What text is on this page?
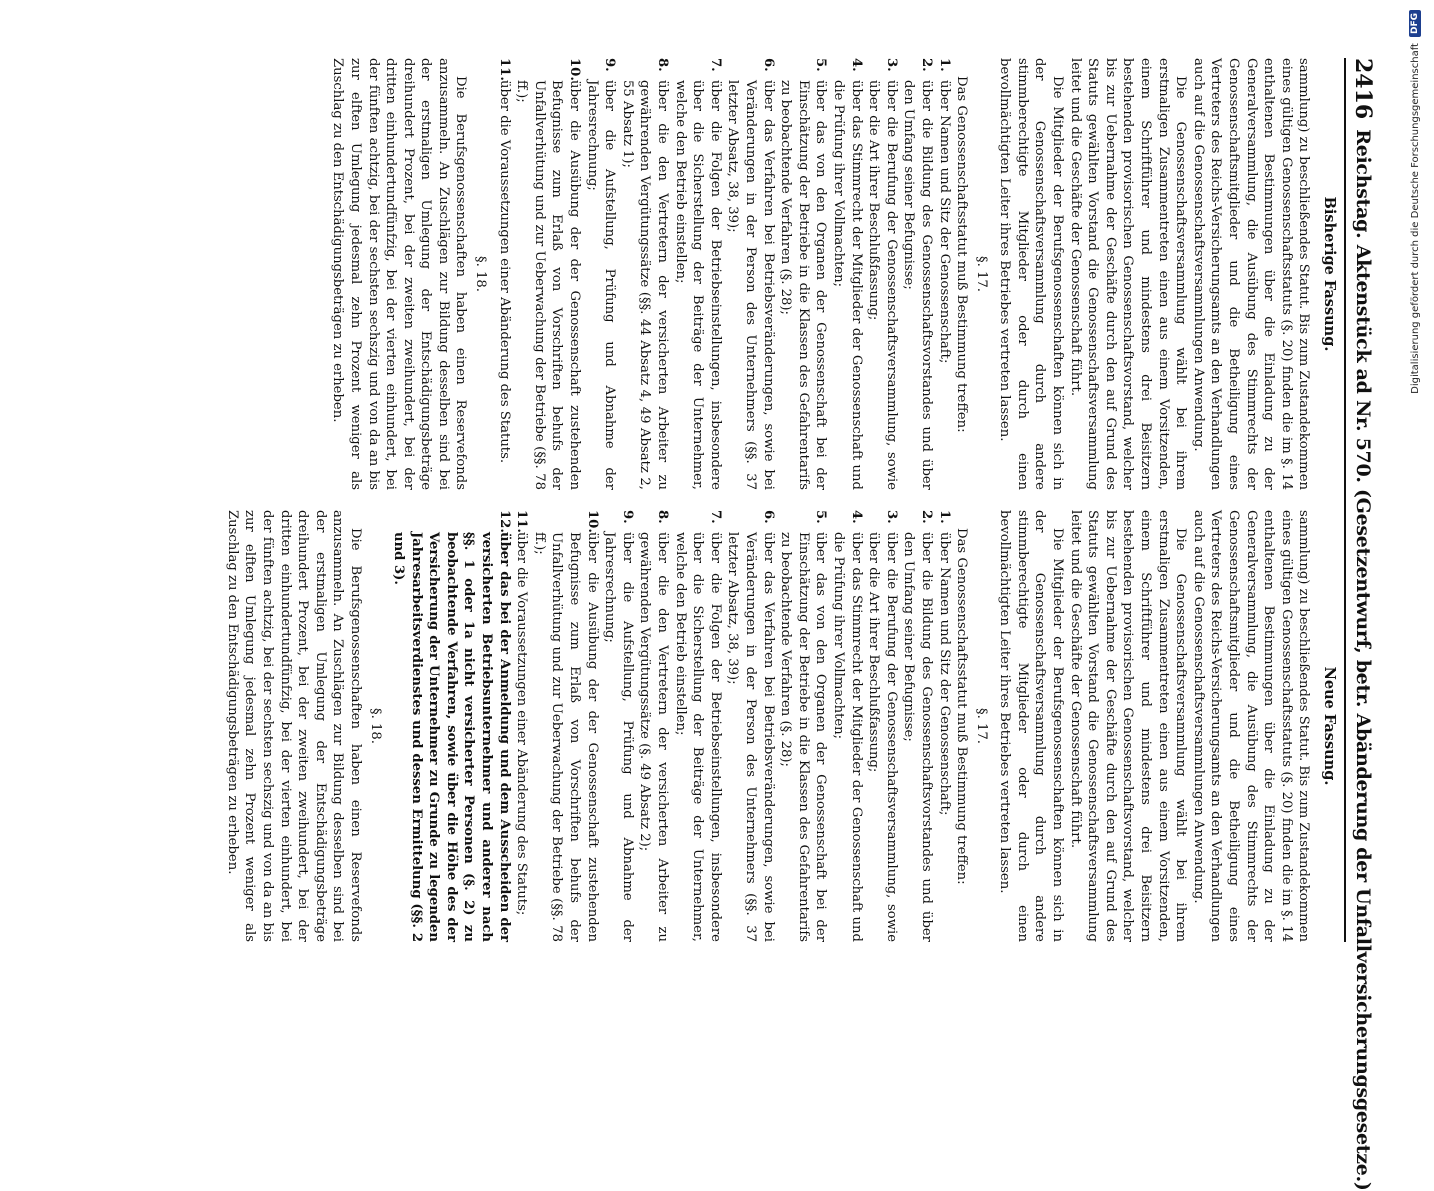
2416
Reichstag. Aktenstück ad Nr. 570. (Gesetzentwurf, betr. Abänderung der Unfallversicherungsgesetze.)
Bisherige Fassung.

sammlung) zu beschließendes Statut. Bis zum Zustandekommen eines gültigen Genossenschaftsstatuts (§. 20) finden die im §. 14 enthaltenen Bestimmungen über die Einladung zu der Generalversammlung, die Ausübung des Stimmrechts der Genossenschaftsmitglieder und die Betheiligung eines Vertreters des Reichs-Versicherungsamts an den Verhandlungen auch auf die Genossenschaftsversammlungen Anwendung.

Die Genossenschaftsversammlung wählt bei ihrem erstmaligen Zusammentreten einen aus einem Vorsitzenden, einem Schriftführer und mindestens drei Beisitzern bestehenden provisorischen Genossenschaftsvorstand, welcher bis zur Uebernahme der Geschäfte durch den auf Grund des Statuts gewählten Vorstand die Genossenschaftsversammlung leitet und die Geschäfte der Genossenschaft führt.

Die Mitglieder der Berufsgenossenschaften können sich in der Genossenschaftsversammlung durch andere stimmberechtigte Mitglieder oder durch einen bevollmächtigten Leiter ihres Betriebes vertreten lassen.

§. 17.

Das Genossenschaftsstatut muß Bestimmung treffen:

1.
über Namen und Sitz der Genossenschaft;
2.
über die Bildung des Genossenschaftsvorstandes und über den Umfang seiner Befugnisse;
3.
über die Berufung der Genossenschaftsversammlung, sowie über die Art ihrer Beschlußfassung;
4.
über das Stimmrecht der Mitglieder der Genossenschaft und die Prüfung ihrer Vollmachten;
5.
über das von den Organen der Genossenschaft bei der Einschätzung der Betriebe in die Klassen des Gefahrentarifs zu beobachtende Verfahren (§. 28);
6.
über das Verfahren bei Betriebsveränderungen, sowie bei Veränderungen in der Person des Unternehmers (§§. 37 letzter Absatz, 38, 39);
7.
über die Folgen der Betriebseinstellungen, insbesondere über die Sicherstellung der Beiträge der Unternehmer, welche den Betrieb einstellen;
8.
über die den Vertretern der versicherten Arbeiter zu gewährenden Vergütungssätze (§§. 44 Absatz 4, 49 Absatz 2, 55 Absatz 1);
9.
über die Aufstellung, Prüfung und Abnahme der Jahresrechnung;
10.
über die Ausübung der der Genossenschaft zustehenden Befugnisse zum Erlaß von Vorschriften behufs der Unfallverhütung und zur Ueberwachung der Betriebe (§§. 78 ff.);
11.
über die Voraussetzungen einer Abänderung des Statuts.
§. 18.

Die Berufsgenossenschaften haben einen Reservefonds anzusammeln. An Zuschlägen zur Bildung desselben sind bei der erstmaligen Umlegung der Entschädigungsbeträge dreihundert Prozent, bei der zweiten zweihundert, bei der dritten einhundertundfünfzig, bei der vierten einhundert, bei der fünften achtzig, bei der sechsten sechszig und von da an bis zur elften Umlegung jedesmal zehn Prozent weniger als Zuschlag zu den Entschädigungsbeträgen zu erheben.

Neue Fassung.

sammlung) zu beschließendes Statut. Bis zum Zustandekommen eines gültigen Genossenschaftsstatuts (§. 20) finden die im §. 14 enthaltenen Bestimmungen über die Einladung zu der Generalversammlung, die Ausübung des Stimmrechts der Genossenschaftsmitglieder und die Betheiligung eines Vertreters des Reichs-Versicherungsamts an den Verhandlungen auch auf die Genossenschaftsversammlungen Anwendung.

Die Genossenschaftsversammlung wählt bei ihrem erstmaligen Zusammentreten einen aus einem Vorsitzenden, einem Schriftführer und mindestens drei Beisitzern bestehenden provisorischen Genossenschaftsvorstand, welcher bis zur Uebernahme der Geschäfte durch den auf Grund des Statuts gewählten Vorstand die Genossenschaftsversammlung leitet und die Geschäfte der Genossenschaft führt.

Die Mitglieder der Berufsgenossenschaften können sich in der Genossenschaftsversammlung durch andere stimmberechtigte Mitglieder oder durch einen bevollmächtigten Leiter ihres Betriebes vertreten lassen.

§. 17.

Das Genossenschaftsstatut muß Bestimmung treffen:

1.
über Namen und Sitz der Genossenschaft;
2.
über die Bildung des Genossenschaftsvorstandes und über den Umfang seiner Befugnisse;
3.
über die Berufung der Genossenschaftsversammlung, sowie über die Art ihrer Beschlußfassung;
4.
über das Stimmrecht der Mitglieder der Genossenschaft und die Prüfung ihrer Vollmachten;
5.
über das von den Organen der Genossenschaft bei der Einschätzung der Betriebe in die Klassen des Gefahrentarifs zu beobachtende Verfahren (§. 28);
6.
über das Verfahren bei Betriebsveränderungen, sowie bei Veränderungen in der Person des Unternehmers (§§. 37 letzter Absatz, 38, 39);
7.
über die Folgen der Betriebseinstellungen, insbesondere über die Sicherstellung der Beiträge der Unternehmer, welche den Betrieb einstellen;
8.
über die den Vertretern der versicherten Arbeiter zu gewährenden Vergütungssätze (§. 49 Absatz 2);
9.
über die Aufstellung, Prüfung und Abnahme der Jahresrechnung;
10.
über die Ausübung der der Genossenschaft zustehenden Befugnisse zum Erlaß von Vorschriften behufs der Unfallverhütung und zur Ueberwachung der Betriebe (§§. 78 ff.);
11.
über die Voraussetzungen einer Abänderung des Statuts;
12.
über das bei der Anmeldung und dem Ausscheiden der versicherten Betriebsunternehmer und anderer nach §§. 1 oder 1a nicht versicherter Personen (§. 2) zu beobachtende Verfahren, sowie über die Höhe des der Versicherung der Unternehmer zu Grunde zu legenden Jahresarbeitsverdienstes und dessen Ermittelung (§§. 2 und 3).
§. 18.

Die Berufsgenossenschaften haben einen Reservefonds anzusammeln. An Zuschlägen zur Bildung desselben sind bei der erstmaligen Umlegung der Entschädigungsbeträge dreihundert Prozent, bei der zweiten zweihundert, bei der dritten einhundertundfünfzig, bei der vierten einhundert, bei der fünften achtzig, bei der sechsten sechszig und von da an bis zur elften Umlegung jedesmal zehn Prozent weniger als Zuschlag zu den Entschädigungsbeträgen zu erheben.

Digitalisierung gefördert durch die Deutsche Forschungsgemeinschaft
DFG
